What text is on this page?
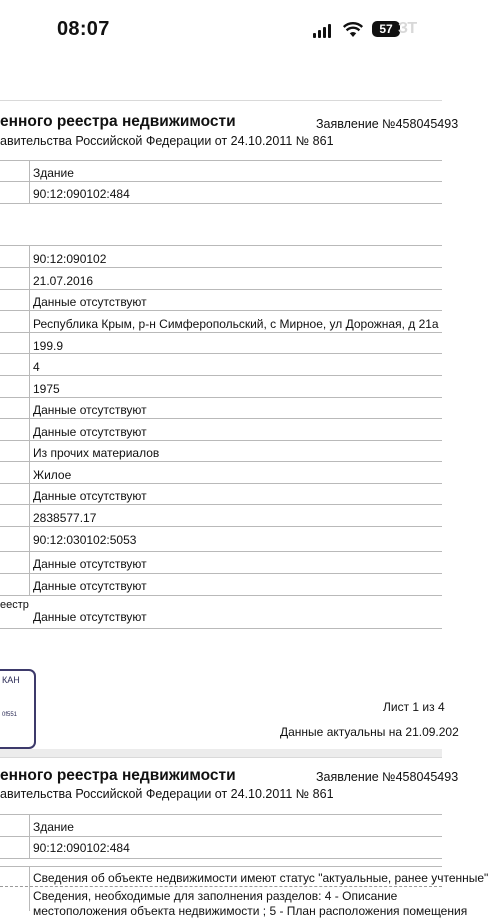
08:07	57 ЗТ
енного реестра недвижимости	Заявление №458045493
авительства Российской Федерации от 24.10.2011 № 861
Здание
90:12:090102:484
90:12:090102
21.07.2016
Данные отсутствуют
Республика Крым, р-н Симферопольский, с Мирное, ул Дорожная, д 21а
199.9
4
1975
Данные отсутствуют
Данные отсутствуют
Из прочих материалов
Жилое
Данные отсутствуют
2838577.17
90:12:030102:5053
Данные отсутствуют
Данные отсутствуют
еестр
Данные отсутствуют
КАН
0f551
Лист 1 из 4
Данные актуальны на 21.09.202
енного реестра недвижимости	Заявление №458045493
авительства Российской Федерации от 24.10.2011 № 861
Здание
90:12:090102:484
Сведения об объекте недвижимости имеют статус "актуальные, ранее учтенные"
Сведения, необходимые для заполнения разделов: 4 - Описание
местоположения объекта недвижимости ; 5 - План расположения помещения
